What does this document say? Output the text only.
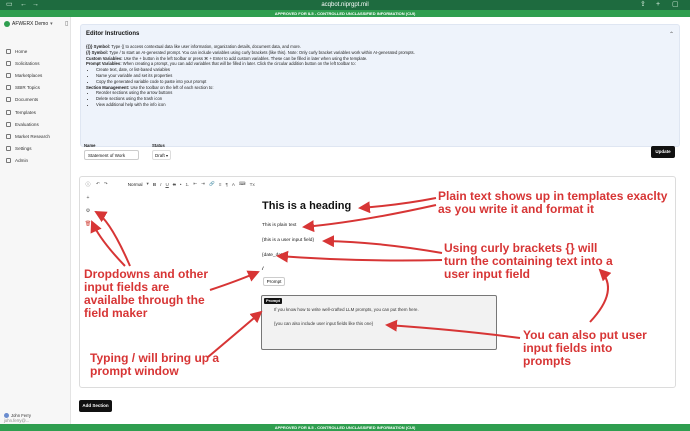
▭ ← →	acqbot.niprgpt.mil	⇪ + ▢
APPROVED FOR IL5 - CONTROLLED UNCLASSIFIED INFORMATION (CUI)
AFWERX Demo ▾ ▯
Home
Solicitations
Marketplaces
SBIR Topics
Documents
Templates
Evaluations
Market Research
Settings
Admin
John Ferry
john.ferry@...
Editor Instructions	⌃
{{}} Symbol: Type {{ to access contextual data like user information, organization details, document data, and more.
{/} Symbol: Type / to start an AI-generated prompt. You can include variables using curly brackets (like this). Note: Only curly bracket variables work within AI-generated prompts.
Custom Variables: Use the + button in the left toolbar or press ⌘ + Enter to add custom variables. These can be filled in later when using the template.
Prompt Variables: When creating a prompt, you can add variables that will be filled in later. Click the circular addition button on the left toolbar to:
• Create text, date, or list-based variables
• Name your variable and set its properties
• Copy the generated variable code to paste into your prompt
Section Management: Use the toolbar on the left of each section to:
• Reorder sections using the arrow buttons
• Delete sections using the trash icon
• View additional help with the info icon
Name
Statement of Work
Status
Draft ▾
Update
ⓘ
+
⚙
🗑
↶ ↷	Normal ▾ B I U S • 1. ⇤ ⇥ 🔗 ≡ ¶ A ⌨ Tx
This is a heading
This is plain text
{this is a user input field}
{date_date}
/
Prompt
Prompt
If you know how to write well-crafted LLM prompts, you can put them here.
{you can also include user input fields like this one}
Add Section
APPROVED FOR IL5 - CONTROLLED UNCLASSIFIED INFORMATION (CUI)
Plain text shows up in templates exaclty as you write it and format it
Using curly brackets {} will turn the containing text into a user input field
Dropdowns and other input fields are availalbe through the field maker
You can also put user input fields into prompts
Typing / will bring up a prompt window
